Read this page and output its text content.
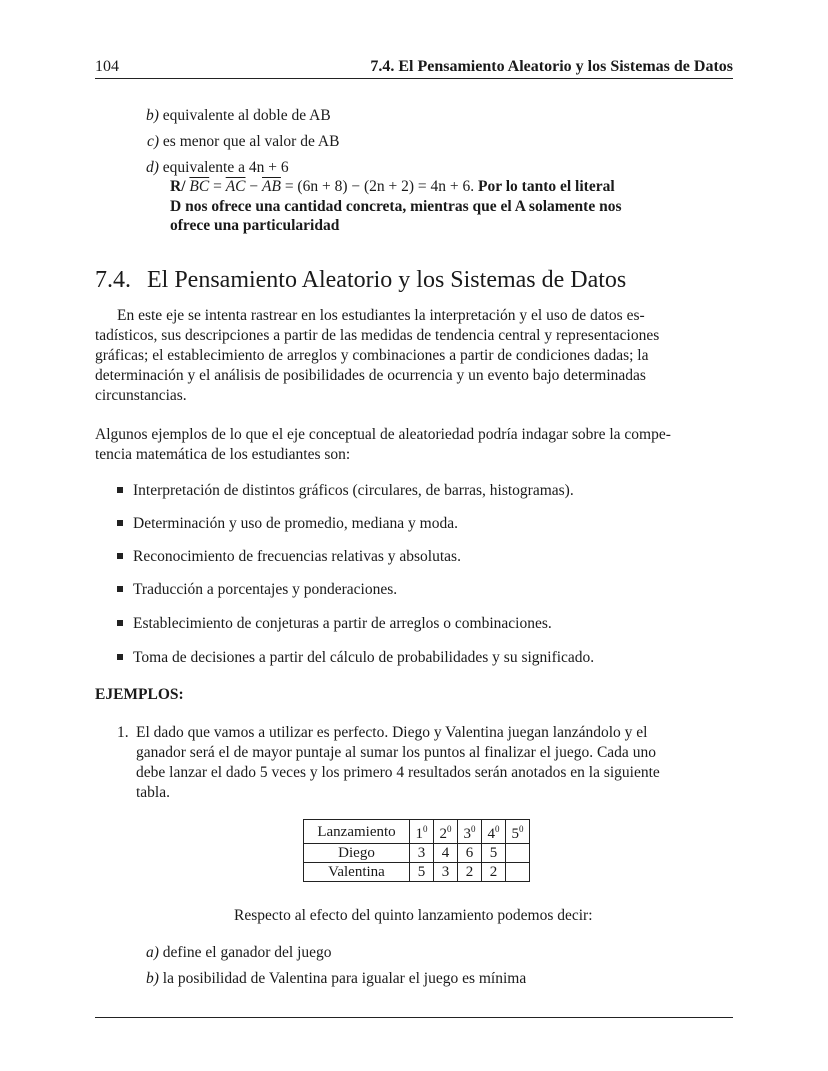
104	7.4. El Pensamiento Aleatorio y los Sistemas de Datos
b) equivalente al doble de AB
c) es menor que al valor de AB
d) equivalente a 4n + 6
R/ $\overline{BC} = \overline{AC} - \overline{AB} = (6n + 8) - (2n + 2) = 4n + 6$. Por lo tanto el literal
D nos ofrece una cantidad concreta, mientras que el A solamente nos
ofrece una particularidad
7.4. El Pensamiento Aleatorio y los Sistemas de Datos
En este eje se intenta rastrear en los estudiantes la interpretación y el uso de datos es-
tadísticos, sus descripciones a partir de las medidas de tendencia central y representaciones
gráficas; el establecimiento de arreglos y combinaciones a partir de condiciones dadas; la
determinación y el análisis de posibilidades de ocurrencia y un evento bajo determinadas
circunstancias.
Algunos ejemplos de lo que el eje conceptual de aleatoriedad podría indagar sobre la compe-
tencia matemática de los estudiantes son:
Interpretación de distintos gráficos (circulares, de barras, histogramas).
Determinación y uso de promedio, mediana y moda.
Reconocimiento de frecuencias relativas y absolutas.
Traducción a porcentajes y ponderaciones.
Establecimiento de conjeturas a partir de arreglos o combinaciones.
Toma de decisiones a partir del cálculo de probabilidades y su significado.
EJEMPLOS:
1. El dado que vamos a utilizar es perfecto. Diego y Valentina juegan lanzándolo y el
ganador será el de mayor puntaje al sumar los puntos al finalizar el juego. Cada uno
debe lanzar el dado 5 veces y los primero 4 resultados serán anotados en la siguiente
tabla.
Lanzamiento	$1^0$	$2^0$	$3^0$	$4^0$	$5^0$
Diego	3	4	6	5	
Valentina	5	3	2	2	
Respecto al efecto del quinto lanzamiento podemos decir:
a) define el ganador del juego
b) la posibilidad de Valentina para igualar el juego es mínima
